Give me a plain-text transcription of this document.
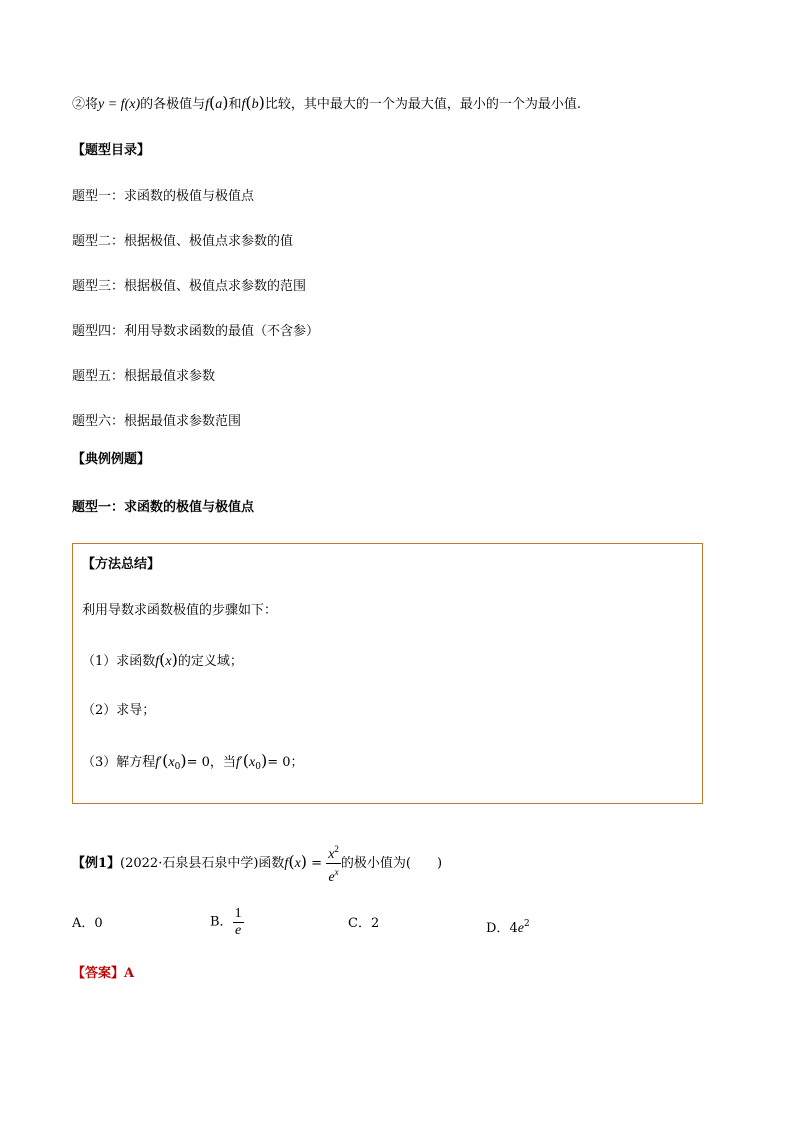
②将y = f(x)的各极值与f(a)和f(b)比较，其中最大的一个为最大值，最小的一个为最小值.
【题型目录】
题型一：求函数的极值与极值点
题型二：根据极值、极值点求参数的值
题型三：根据极值、极值点求参数的范围
题型四：利用导数求函数的最值（不含参）
题型五：根据最值求参数
题型六：根据最值求参数范围
【典例例题】
题型一：求函数的极值与极值点
【方法总结】
利用导数求函数极值的步骤如下：
（1）求函数f(x)的定义域；
（2）求导；
（3）解方程$f'(x_0)= 0$，当$f'(x_0)= 0$；
【例1】(2022·石泉县石泉中学)函数$f(x) = \frac{x^2}{e^x}$ 的极小值为(　　)
A．0	B． $\frac{1}{e}$	C．2	D．$4e^2$
【答案】A
